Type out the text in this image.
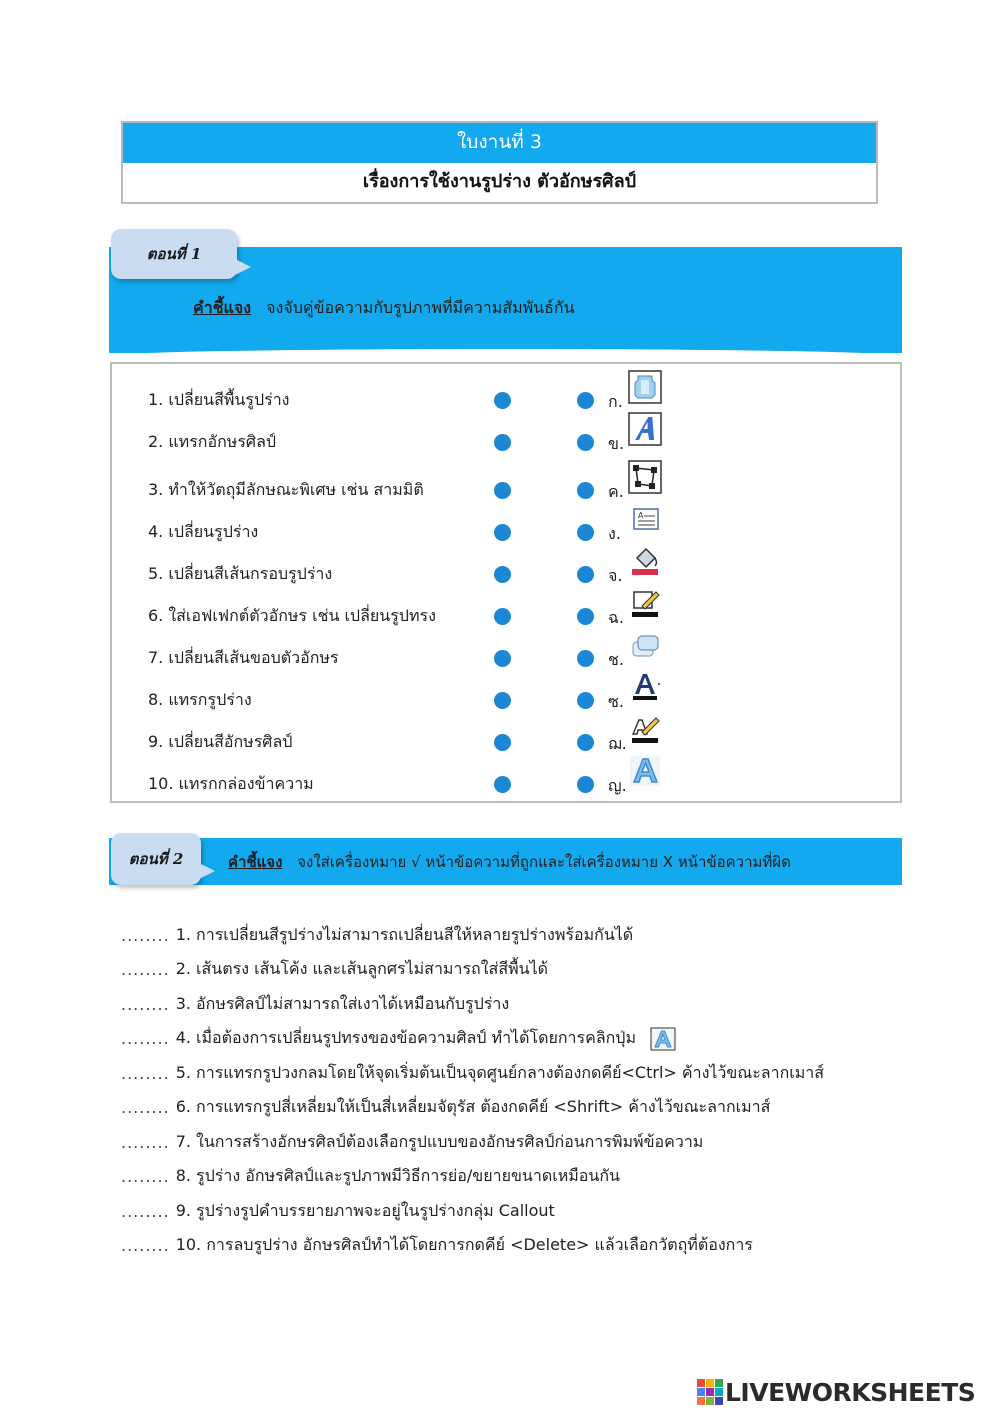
ใบงานที่ 3
เรื่องการใช้งานรูปร่าง ตัวอักษรศิลป์
ตอนที่ 1
คำชี้แจง จงจับคู่ข้อความกับรูปภาพที่มีความสัมพันธ์กัน
1. เปลี่ยนสีพื้นรูปร่าง	ก.
2. แทรกอักษรศิลป์	ข.
3. ทำให้วัตถุมีลักษณะพิเศษ เช่น สามมิติ	ค.
4. เปลี่ยนรูปร่าง	ง.
A
5. เปลี่ยนสีเส้นกรอบรูปร่าง	จ.
6. ใส่เอฟเฟกต์ตัวอักษร เช่น เปลี่ยนรูปทรง	ฉ.
7. เปลี่ยนสีเส้นขอบตัวอักษร	ช.
8. แทรกรูปร่าง	ซ.
9. เปลี่ยนสีอักษรศิลป์	ฌ.
10. แทรกกล่องข้าความ	ญ.
ตอนที่ 2	คำชี้แจง จงใส่เครื่องหมาย √ หน้าข้อความที่ถูกและใส่เครื่องหมาย X หน้าข้อความที่ผิด
........ 1. การเปลี่ยนสีรูปร่างไม่สามารถเปลี่ยนสีให้หลายรูปร่างพร้อมกันได้
........ 2. เส้นตรง เส้นโค้ง และเส้นลูกศรไม่สามารถใส่สีพื้นได้
........ 3. อักษรศิลป์ไม่สามารถใส่เงาได้เหมือนกับรูปร่าง
........ 4. เมื่อต้องการเปลี่ยนรูปทรงของข้อความศิลป์ ทำได้โดยการคลิกปุ่ม
........ 5. การแทรกรูปวงกลมโดยให้จุดเริ่มต้นเป็นจุดศูนย์กลางต้องกดคีย์<Ctrl> ค้างไว้ขณะลากเมาส์
........ 6. การแทรกรูปสี่เหลี่ยมให้เป็นสี่เหลี่ยมจัตุรัส ต้องกดคีย์ <Shrift> ค้างไว้ขณะลากเมาส์
........ 7. ในการสร้างอักษรศิลป์ต้องเลือกรูปแบบของอักษรศิลป์ก่อนการพิมพ์ข้อความ
........ 8. รูปร่าง อักษรศิลป์และรูปภาพมีวิธีการย่อ/ขยายขนาดเหมือนกัน
........ 9. รูปร่างรูปคำบรรยายภาพจะอยู่ในรูปร่างกลุ่ม Callout
........ 10. การลบรูปร่าง อักษรศิลป์ทำได้โดยการกดคีย์ <Delete> แล้วเลือกวัตถุที่ต้องการ
LIVEWORKSHEETS
